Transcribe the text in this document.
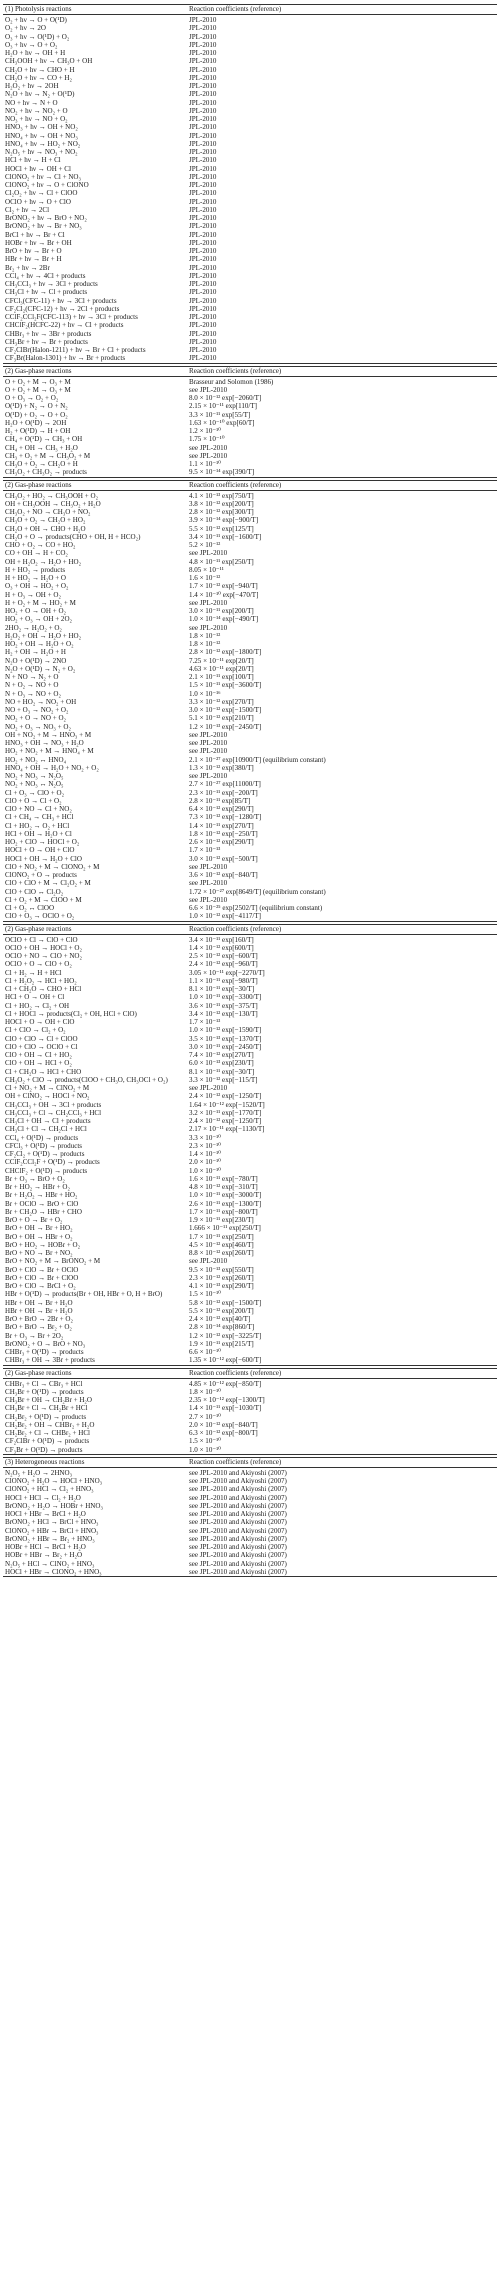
(1) Photolysis reactions	Reaction coefficients (reference)
O₂ + hν → O + O(¹D)	JPL-2010
O₂ + hν → 2O	JPL-2010
O₃ + hν → O(¹D) + O₂	JPL-2010
O₃ + hν → O + O₂	JPL-2010
H₂O + hν → OH + H	JPL-2010
CH₃OOH + hν → CH₃O + OH	JPL-2010
CH₂O + hν → CHO + H	JPL-2010
CH₂O + hν → CO + H₂	JPL-2010
H₂O₂ + hν → 2OH	JPL-2010
N₂O + hν → N₂ + O(¹D)	JPL-2010
NO + hν → N + O	JPL-2010
NO₂ + hν → NO₂ + O	JPL-2010
NO₃ + hν → NO + O₂	JPL-2010
HNO₃ + hν → OH + NO₂	JPL-2010
HNO₄ + hν → OH + NO₃	JPL-2010
HNO₄ + hν → HO₂ + NO₂	JPL-2010
N₂O₅ + hν → NO₃ + NO₂	JPL-2010
HCl + hν → H + Cl	JPL-2010
HOCl + hν → OH + Cl	JPL-2010
ClONO₂ + hν → Cl + NO₃	JPL-2010
ClONO₂ + hν → O + ClONO	JPL-2010
Cl₂O₂ + hν → Cl + ClOO	JPL-2010
OClO + hν → O + ClO	JPL-2010
Cl₂ + hν → 2Cl	JPL-2010
BrONO₂ + hν → BrO + NO₂	JPL-2010
BrONO₂ + hν → Br + NO₃	JPL-2010
BrCl + hν → Br + Cl	JPL-2010
HOBr + hν → Br + OH	JPL-2010
BrO + hν → Br + O	JPL-2010
HBr + hν → Br + H	JPL-2010
Br₂ + hν → 2Br	JPL-2010
CCl₄ + hν → 4Cl + products	JPL-2010
CH₃CCl₃ + hν → 3Cl + products	JPL-2010
CH₃Cl + hν → Cl + products	JPL-2010
CFCl₃(CFC-11) + hν → 3Cl + products	JPL-2010
CF₂Cl₂(CFC-12) + hν → 2Cl + products	JPL-2010
CClF₂CCl₂F(CFC-113) + hν → 3Cl + products	JPL-2010
CHClF₂(HCFC-22) + hν → Cl + products	JPL-2010
CHBr₃ + hν → 3Br + products	JPL-2010
CH₃Br + hν → Br + products	JPL-2010
CF₂ClBr(Halon-1211) + hν → Br + Cl + products	JPL-2010
CF₃Br(Halon-1301) + hν → Br + products	JPL-2010
(2) Gas-phase reactions	Reaction coefficients (reference)
O + O₂ + M → O₃ + M	Brasseur and Solomon (1986)
O + O₂ + M → O₃ + M	see JPL-2010
O + O₃ → O₂ + O₂	8.0 × 10⁻¹² exp[−2060/T]
O(¹D) + N₂ → O + N₂	2.15 × 10⁻¹¹ exp[110/T]
O(¹D) + O₂ → O + O₂	3.3 × 10⁻¹¹ exp[55/T]
H₂O + O(¹D) → 2OH	1.63 × 10⁻¹⁰ exp[60/T]
H₂ + O(¹D) → H + OH	1.2 × 10⁻¹⁰
CH₄ + O(¹D) → CH₃ + OH	1.75 × 10⁻¹⁰
CH₄ + OH → CH₃ + H₂O	see JPL-2010
CH₃ + O₂ + M → CH₃O₂ + M	see JPL-2010
CH₃O + O₂ → CH₂O + H	1.1 × 10⁻¹⁰
CH₃O₂ + CH₃O₂ → products	9.5 × 10⁻¹⁴ exp[390/T]
(2) Gas-phase reactions	Reaction coefficients (reference)
CH₃O₂ + HO₂ → CH₃OOH + O₂	4.1 × 10⁻¹³ exp[750/T]
OH + CH₃OOH → CH₃O₂ + H₂O	3.8 × 10⁻¹² exp[200/T]
CH₃O₂ + NO → CH₃O + NO₂	2.8 × 10⁻¹² exp[300/T]
CH₃O + O₂ → CH₂O + HO₂	3.9 × 10⁻¹⁴ exp[−900/T]
CH₂O + OH → CHO + H₂O	5.5 × 10⁻¹² exp[125/T]
CH₂O + O → products(CHO + OH, H + HCO₂)	3.4 × 10⁻¹¹ exp[−1600/T]
CHO + O₂ → CO + HO₂	5.2 × 10⁻¹²
CO + OH → H + CO₂	see JPL-2010
OH + H₂O₂ → H₂O + HO₂	4.8 × 10⁻¹¹ exp[250/T]
H + HO₂ → products	8.05 × 10⁻¹¹
H + HO₂ → H₂O + O	1.6 × 10⁻¹²
O₃ + OH → HO₂ + O₂	1.7 × 10⁻¹² exp[−940/T]
H + O₃ → OH + O₂	1.4 × 10⁻¹⁰ exp[−470/T]
H + O₂ + M → HO₂ + M	see JPL-2010
HO₂ + O → OH + O₂	3.0 × 10⁻¹¹ exp[200/T]
HO₂ + O₃ → OH + 2O₂	1.0 × 10⁻¹⁴ exp[−490/T]
2HO₂ → H₂O₂ + O₂	see JPL-2010
H₂O₂ + OH → H₂O + HO₂	1.8 × 10⁻¹²
HO₂ + OH → H₂O + O₂	1.8 × 10⁻¹²
H₂ + OH → H₂O + H	2.8 × 10⁻¹² exp[−1800/T]
N₂O + O(¹D) → 2NO	7.25 × 10⁻¹¹ exp[20/T]
N₂O + O(¹D) → N₂ + O₂	4.63 × 10⁻¹¹ exp[20/T]
N + NO → N₂ + O	2.1 × 10⁻¹¹ exp[100/T]
N + O₂ → NO + O	1.5 × 10⁻¹¹ exp[−3600/T]
N + O₃ → NO + O₂	1.0 × 10⁻¹⁶
NO + HO₂ → NO₂ + OH	3.3 × 10⁻¹² exp[270/T]
NO + O₃ → NO₂ + O₂	3.0 × 10⁻¹² exp[−1500/T]
NO₂ + O → NO + O₂	5.1 × 10⁻¹² exp[210/T]
NO₂ + O₃ → NO₃ + O₂	1.2 × 10⁻¹³ exp[−2450/T]
OH + NO₂ + M → HNO₃ + M	see JPL-2010
HNO₃ + OH → NO₃ + H₂O	see JPL-2010
HO₂ + NO₂ + M → HNO₄ + M	see JPL-2010
HO₂ + NO₂ ↔ HNO₄	2.1 × 10⁻²⁷ exp[10900/T] (equilibrium constant)
HNO₄ + OH → H₂O + NO₂ + O₂	1.3 × 10⁻¹² exp[380/T]
NO₂ + NO₃ → N₂O₅	see JPL-2010
NO₂ + NO₃ ↔ N₂O₅	2.7 × 10⁻²⁷ exp[11000/T]
Cl + O₃ → ClO + O₂	2.3 × 10⁻¹¹ exp[−200/T]
ClO + O → Cl + O₂	2.8 × 10⁻¹¹ exp[85/T]
ClO + NO → Cl + NO₂	6.4 × 10⁻¹² exp[290/T]
Cl + CH₄ → CH₃ + HCl	7.3 × 10⁻¹² exp[−1280/T]
Cl + HO₂ → O₂ + HCl	1.4 × 10⁻¹¹ exp[270/T]
HCl + OH → H₂O + Cl	1.8 × 10⁻¹² exp[−250/T]
HO₂ + ClO → HOCl + O₂	2.6 × 10⁻¹² exp[290/T]
HOCl + O → OH + ClO	1.7 × 10⁻¹³
HOCl + OH → H₂O + ClO	3.0 × 10⁻¹² exp[−500/T]
ClO + NO₂ + M → ClONO₂ + M	see JPL-2010
ClONO₂ + O → products	3.6 × 10⁻¹² exp[−840/T]
ClO + ClO + M → Cl₂O₂ + M	see JPL-2010
ClO + ClO ↔ Cl₂O₂	1.72 × 10⁻²⁷ exp[8649/T] (equilibrium constant)
Cl + O₂ + M → ClOO + M	see JPL-2010
Cl + O₂ ↔ ClOO	6.6 × 10⁻²⁵ exp[2502/T] (equilibrium constant)
ClO + O₃ → OClO + O₂	1.0 × 10⁻¹² exp[−4117/T]
(2) Gas-phase reactions	Reaction coefficients (reference)
OClO + Cl → ClO + ClO	3.4 × 10⁻¹¹ exp[160/T]
OClO + OH → HOCl + O₂	1.4 × 10⁻¹² exp[600/T]
OClO + NO → ClO + NO₂	2.5 × 10⁻¹² exp[−600/T]
OClO + O → ClO + O₂	2.4 × 10⁻¹² exp[−960/T]
Cl + H₂ → H + HCl	3.05 × 10⁻¹¹ exp[−2270/T]
Cl + H₂O₂ → HCl + HO₂	1.1 × 10⁻¹¹ exp[−980/T]
Cl + CH₂O → CHO + HCl	8.1 × 10⁻¹¹ exp[−30/T]
HCl + O → OH + Cl	1.0 × 10⁻¹¹ exp[−3300/T]
Cl + HO₂ → Cl₂ + OH	3.6 × 10⁻¹¹ exp[−375/T]
Cl + HOCl → products(Cl₂ + OH, HCl + ClO)	3.4 × 10⁻¹² exp[−130/T]
HOCl + O → OH + ClO	1.7 × 10⁻¹³
Cl + ClO → Cl₂ + O₂	1.0 × 10⁻¹² exp[−1590/T]
ClO + ClO → Cl + ClOO	3.5 × 10⁻¹³ exp[−1370/T]
ClO + ClO → OClO + Cl	3.0 × 10⁻¹¹ exp[−2450/T]
ClO + OH → Cl + HO₂	7.4 × 10⁻¹² exp[270/T]
ClO + OH → HCl + O₂	6.0 × 10⁻¹³ exp[230/T]
Cl + CH₂O → HCl + CHO	8.1 × 10⁻¹¹ exp[−30/T]
CH₃O₂ + ClO → products(ClOO + CH₃O, CH₃OCl + O₂)	3.3 × 10⁻¹² exp[−115/T]
Cl + NO₂ + M → ClNO₂ + M	see JPL-2010
OH + ClNO₂ → HOCl + NO₂	2.4 × 10⁻¹² exp[−1250/T]
CH₃CCl₃ + OH → 3Cl + products	1.64 × 10⁻¹² exp[−1520/T]
CH₃CCl₃ + Cl → CH₂CCl₃ + HCl	3.2 × 10⁻¹¹ exp[−1770/T]
CH₃Cl + OH → Cl + products	2.4 × 10⁻¹² exp[−1250/T]
CH₃Cl + Cl → CH₂Cl + HCl	2.17 × 10⁻¹¹ exp[−1130/T]
CCl₄ + O(¹D) → products	3.3 × 10⁻¹⁰
CFCl₃ + O(¹D) → products	2.3 × 10⁻¹⁰
CF₂Cl₂ + O(¹D) → products	1.4 × 10⁻¹⁰
CClF₂CCl₂F + O(¹D) → products	2.0 × 10⁻¹⁰
CHClF₂ + O(¹D) → products	1.0 × 10⁻¹⁰
Br + O₃ → BrO + O₂	1.6 × 10⁻¹¹ exp[−780/T]
Br + HO₂ → HBr + O₂	4.8 × 10⁻¹² exp[−310/T]
Br + H₂O₂ → HBr + HO₂	1.0 × 10⁻¹¹ exp[−3000/T]
Br + OClO → BrO + ClO	2.6 × 10⁻¹¹ exp[−1300/T]
Br + CH₂O → HBr + CHO	1.7 × 10⁻¹¹ exp[−800/T]
BrO + O → Br + O₂	1.9 × 10⁻¹¹ exp[230/T]
BrO + OH → Br + HO₂	1.666 × 10⁻¹¹ exp[250/T]
BrO + OH → HBr + O₂	1.7 × 10⁻¹¹ exp[250/T]
BrO + HO₂ → HOBr + O₂	4.5 × 10⁻¹² exp[460/T]
BrO + NO → Br + NO₂	8.8 × 10⁻¹² exp[260/T]
BrO + NO₂ + M → BrONO₂ + M	see JPL-2010
BrO + ClO → Br + OClO	9.5 × 10⁻¹³ exp[550/T]
BrO + ClO → Br + ClOO	2.3 × 10⁻¹² exp[260/T]
BrO + ClO → BrCl + O₂	4.1 × 10⁻¹³ exp[290/T]
HBr + O(¹D) → products(Br + OH, HBr + O, H + BrO)	1.5 × 10⁻¹⁰
HBr + OH → Br + H₂O	5.8 × 10⁻¹² exp[−1500/T]
HBr + OH → Br + H₂O	5.5 × 10⁻¹² exp[200/T]
BrO + BrO → 2Br + O₂	2.4 × 10⁻¹² exp[40/T]
BrO + BrO → Br₂ + O₂	2.8 × 10⁻¹⁴ exp[860/T]
Br + O₃ → Br + 2O₂	1.2 × 10⁻¹² exp[−3225/T]
BrONO₂ + O → BrO + NO₃	1.9 × 10⁻¹¹ exp[215/T]
CHBr₃ + O(¹D) → products	6.6 × 10⁻¹⁰
CHBr₃ + OH → 3Br + products	1.35 × 10⁻¹² exp[−600/T]
(2) Gas-phase reactions	Reaction coefficients (reference)
CHBr₃ + Cl → CBr₃ + HCl	4.85 × 10⁻¹² exp[−850/T]
CH₃Br + O(¹D) → products	1.8 × 10⁻¹⁰
CH₃Br + OH → CH₂Br + H₂O	2.35 × 10⁻¹² exp[−1300/T]
CH₃Br + Cl → CH₂Br + HCl	1.4 × 10⁻¹¹ exp[−1030/T]
CH₂Br₂ + O(¹D) → products	2.7 × 10⁻¹⁰
CH₂Br₂ + OH → CHBr₂ + H₂O	2.0 × 10⁻¹² exp[−840/T]
CH₂Br₂ + Cl → CHBr₂ + HCl	6.3 × 10⁻¹² exp[−800/T]
CF₂ClBr + O(¹D) → products	1.5 × 10⁻¹⁰
CF₃Br + O(¹D) → products	1.0 × 10⁻¹⁰
(3) Heterogeneous reactions	Reaction coefficients (reference)
N₂O₅ + H₂O → 2HNO₃	see JPL-2010 and Akiyoshi (2007)
ClONO₂ + H₂O → HOCl + HNO₃	see JPL-2010 and Akiyoshi (2007)
ClONO₂ + HCl → Cl₂ + HNO₃	see JPL-2010 and Akiyoshi (2007)
HOCl + HCl → Cl₂ + H₂O	see JPL-2010 and Akiyoshi (2007)
BrONO₂ + H₂O → HOBr + HNO₃	see JPL-2010 and Akiyoshi (2007)
HOCl + HBr → BrCl + H₂O	see JPL-2010 and Akiyoshi (2007)
BrONO₂ + HCl → BrCl + HNO₃	see JPL-2010 and Akiyoshi (2007)
ClONO₂ + HBr → BrCl + HNO₃	see JPL-2010 and Akiyoshi (2007)
BrONO₂ + HBr → Br₂ + HNO₃	see JPL-2010 and Akiyoshi (2007)
HOBr + HCl → BrCl + H₂O	see JPL-2010 and Akiyoshi (2007)
HOBr + HBr → Br₂ + H₂O	see JPL-2010 and Akiyoshi (2007)
N₂O₅ + HCl → ClNO₂ + HNO₃	see JPL-2010 and Akiyoshi (2007)
HOCl + HBr → ClONO₂ + HNO₃	see JPL-2010 and Akiyoshi (2007)
